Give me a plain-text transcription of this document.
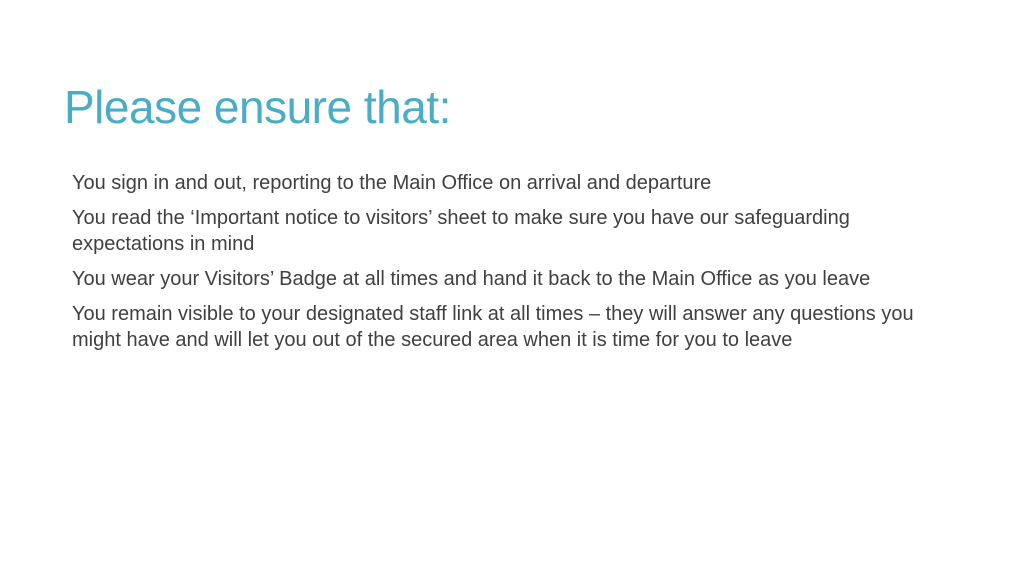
Please ensure that:
You sign in and out, reporting to the Main Office on arrival and departure
You read the ‘Important notice to visitors’ sheet to make sure you have our safeguarding expectations in mind
You wear your Visitors’ Badge at all times and hand it back to the Main Office as you leave
You remain visible to your designated staff link at all times – they will answer any questions you might have and will let you out of the secured area when it is time for you to leave
